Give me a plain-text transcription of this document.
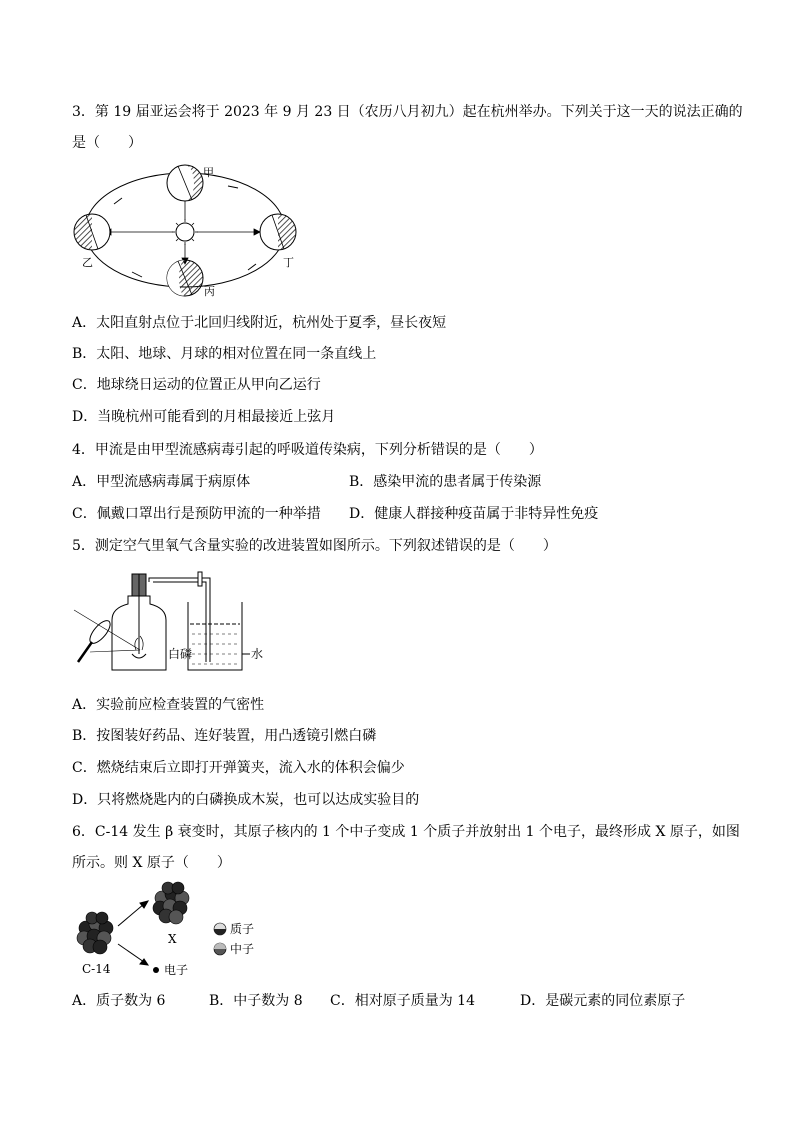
3．第 19 届亚运会将于 2023 年 9 月 23 日（农历八月初九）起在杭州举办。下列关于这一天的说法正确的
是（　　）
甲
乙
丙
丁
A．太阳直射点位于北回归线附近，杭州处于夏季，昼长夜短
B．太阳、地球、月球的相对位置在同一条直线上
C．地球绕日运动的位置正从甲向乙运行
D．当晚杭州可能看到的月相最接近上弦月
4．甲流是由甲型流感病毒引起的呼吸道传染病，下列分析错误的是（　　）
A．甲型流感病毒属于病原体	B．感染甲流的患者属于传染源
C．佩戴口罩出行是预防甲流的一种举措 D．健康人群接种疫苗属于非特异性免疫
5．测定空气里氧气含量实验的改进装置如图所示。下列叙述错误的是（　　）
白磷	水
A．实验前应检查装置的气密性
B．按图装好药品、连好装置，用凸透镜引燃白磷
C．燃烧结束后立即打开弹簧夹，流入水的体积会偏少
D．只将燃烧匙内的白磷换成木炭，也可以达成实验目的
6．C-14 发生 β 衰变时，其原子核内的 1 个中子变成 1 个质子并放射出 1 个电子，最终形成 X 原子，如图
所示。则 X 原子（　　）
C-14
X
电子
质子
中子
A．质子数为 6	B．中子数为 8 C．相对原子质量为 14	D．是碳元素的同位素原子
